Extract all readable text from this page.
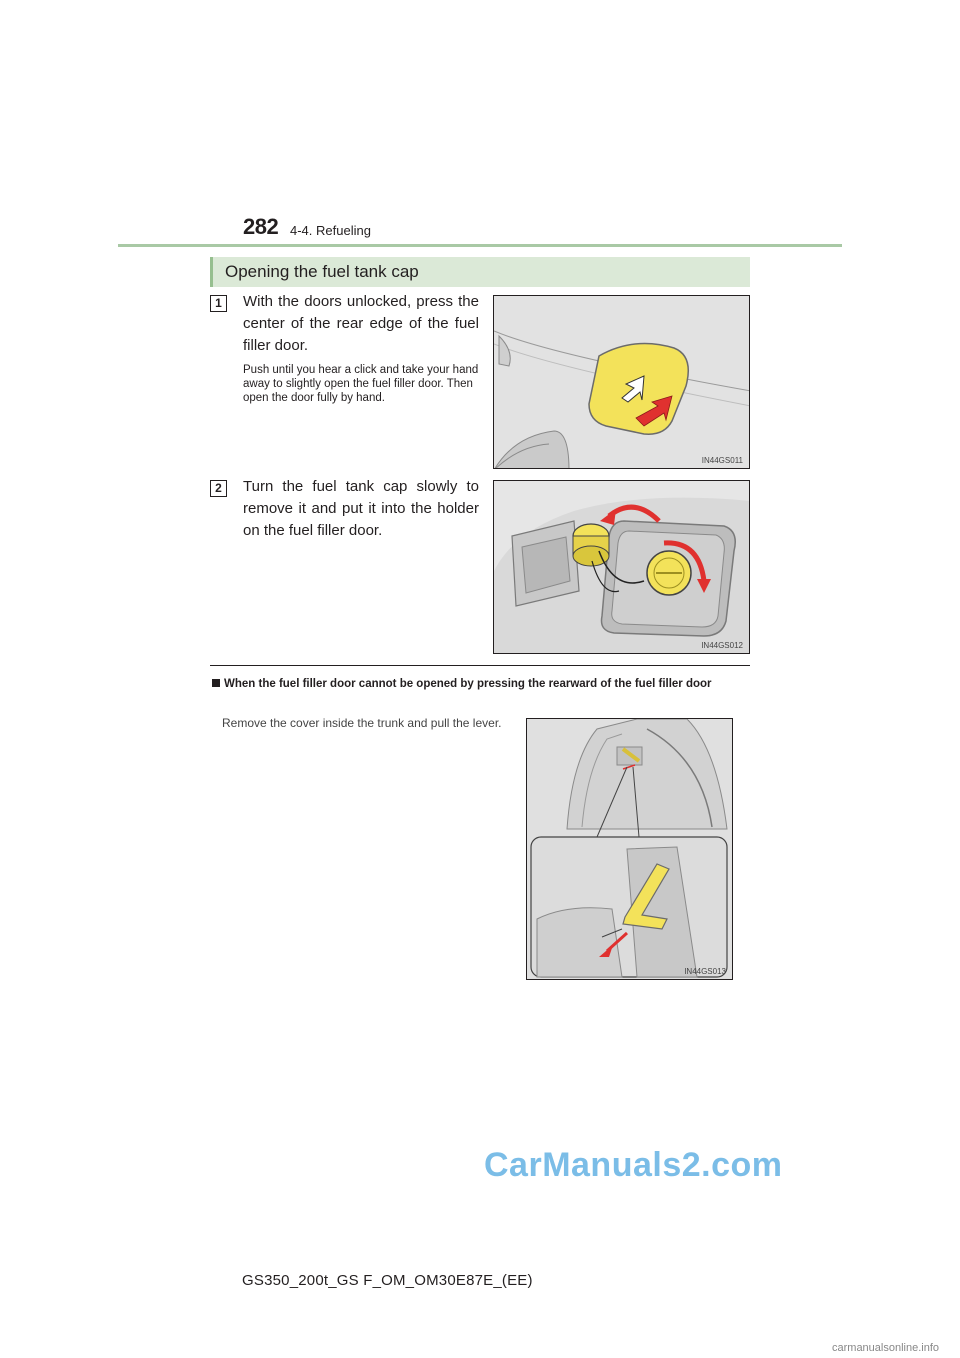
282 4-4. Refueling
Opening the fuel tank cap
1	With the doors unlocked, press the center of the rear edge of the fuel filler door.
Push until you hear a click and take your hand away to slightly open the fuel filler door. Then open the door fully by hand.
IN44GS011
2	Turn the fuel tank cap slowly to remove it and put it into the holder on the fuel filler door.
IN44GS012
When the fuel filler door cannot be opened by pressing the rearward of the fuel filler door
Remove the cover inside the trunk and pull the lever.
IN44GS013
CarManuals2.com
GS350_200t_GS F_OM_OM30E87E_(EE)
carmanualsonline.info
